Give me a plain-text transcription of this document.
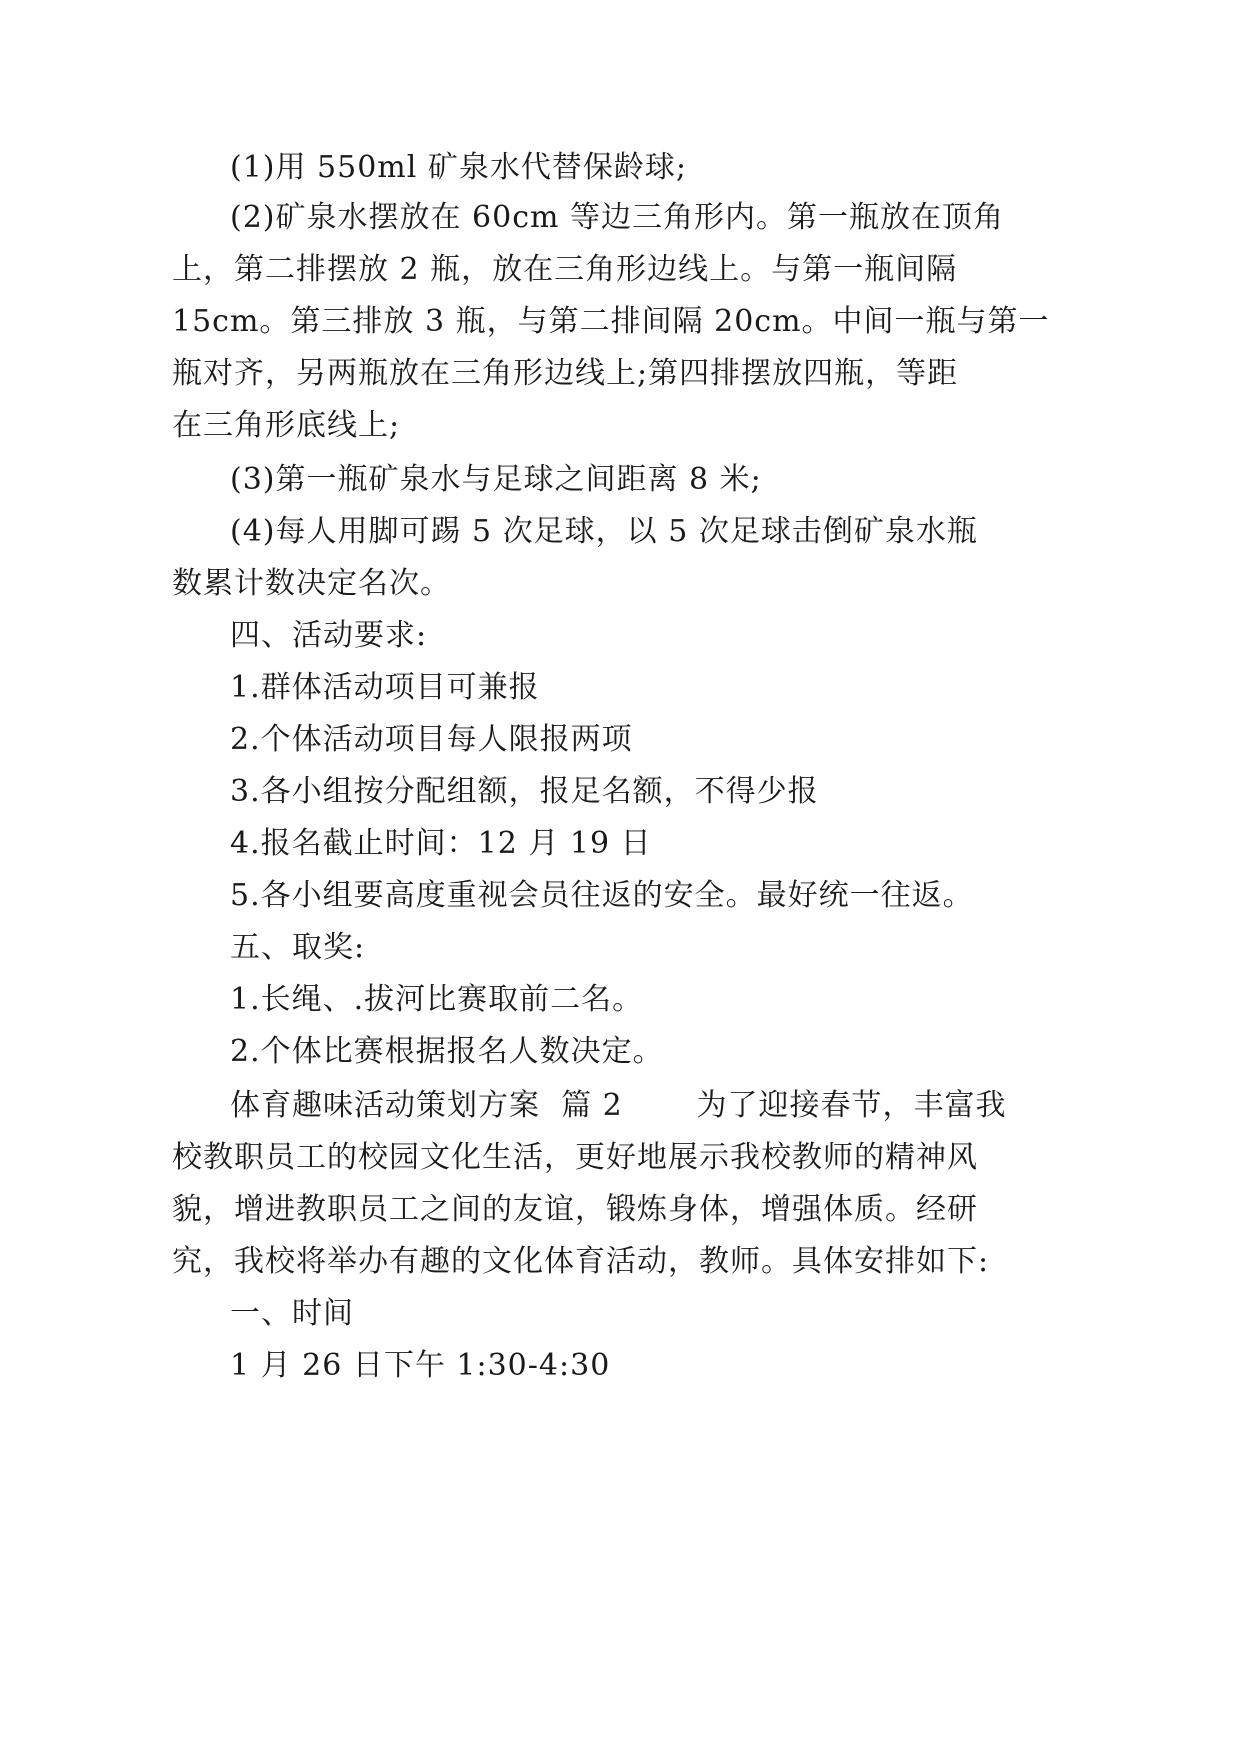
(1)用 550ml 矿泉水代替保龄球;
(2)矿泉水摆放在 60cm 等边三角形内。第一瓶放在顶角
上，第二排摆放 2 瓶，放在三角形边线上。与第一瓶间隔
15cm。第三排放 3 瓶，与第二排间隔 20cm。中间一瓶与第一
瓶对齐，另两瓶放在三角形边线上;第四排摆放四瓶，等距
在三角形底线上;
(3)第一瓶矿泉水与足球之间距离 8 米;
(4)每人用脚可踢 5 次足球，以 5 次足球击倒矿泉水瓶
数累计数决定名次。
四、活动要求:
1.群体活动项目可兼报
2.个体活动项目每人限报两项
3.各小组按分配组额，报足名额，不得少报
4.报名截止时间：12 月 19 日
5.各小组要高度重视会员往返的安全。最好统一往返。
五、取奖:
1.长绳、.拔河比赛取前二名。
2.个体比赛根据报名人数决定。
体育趣味活动策划方案  篇 2       为了迎接春节，丰富我
校教职员工的校园文化生活，更好地展示我校教师的精神风
貌，增进教职员工之间的友谊，锻炼身体，增强体质。经研
究，我校将举办有趣的文化体育活动，教师。具体安排如下:
一、时间
1 月 26 日下午 1:30-4:30
